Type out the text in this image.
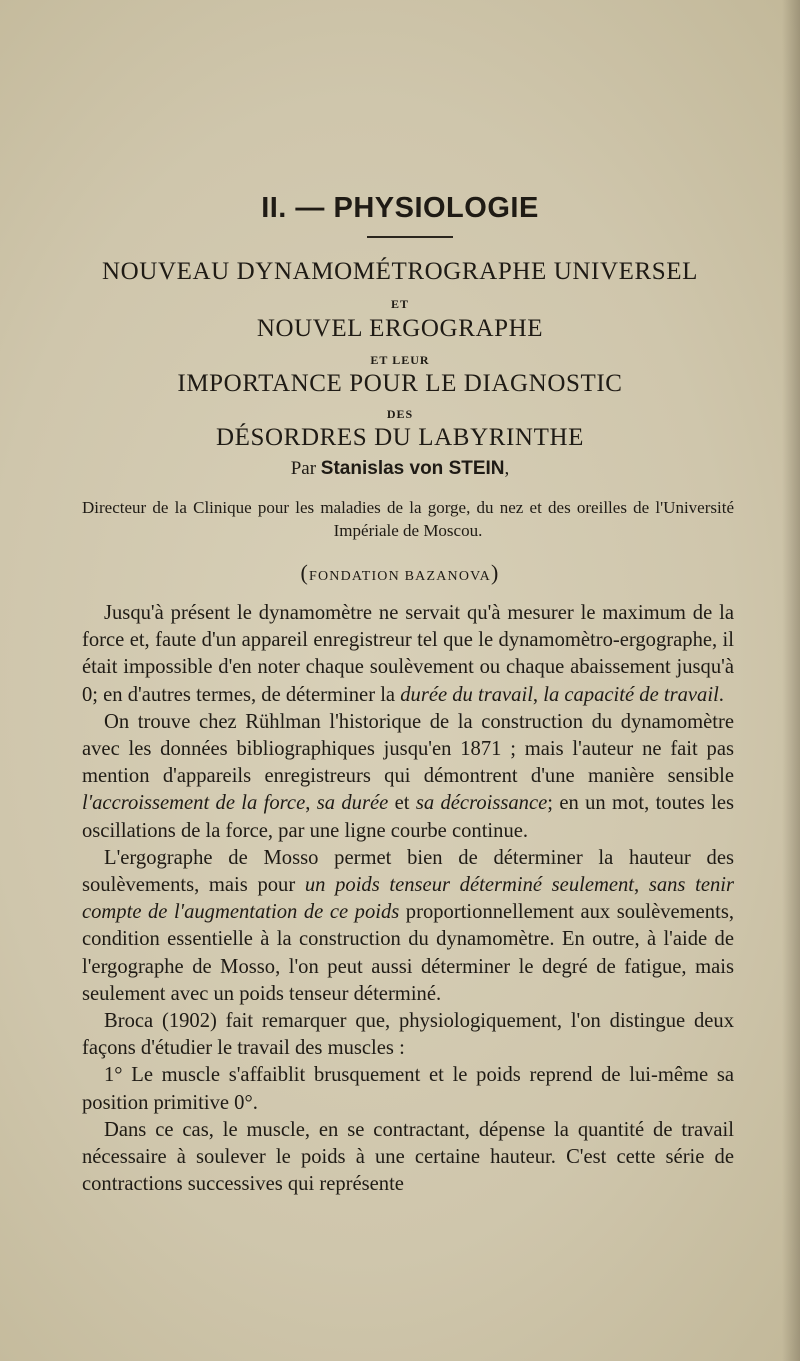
II. — PHYSIOLOGIE
NOUVEAU DYNAMOMÉTROGRAPHE UNIVERSEL
ET
NOUVEL ERGOGRAPHE
ET LEUR
IMPORTANCE POUR LE DIAGNOSTIC
DES
DÉSORDRES DU LABYRINTHE
Par Stanislas von STEIN,
Directeur de la Clinique pour les maladies de la gorge, du nez et des oreilles de l'Université Impériale de Moscou.
(FONDATION BAZANOVA)

Jusqu'à présent le dynamomètre ne servait qu'à mesurer le maximum de la force et, faute d'un appareil enregistreur tel que le dynamomètro-ergographe, il était impossible d'en noter chaque soulèvement ou chaque abaissement jusqu'à 0; en d'autres termes, de déterminer la durée du travail, la capacité de travail.

On trouve chez Rühlman l'historique de la construction du dynamomètre avec les données bibliographiques jusqu'en 1871 ; mais l'auteur ne fait pas mention d'appareils enregistreurs qui démontrent d'une manière sensible l'accroissement de la force, sa durée et sa décroissance; en un mot, toutes les oscillations de la force, par une ligne courbe continue.

L'ergographe de Mosso permet bien de déterminer la hauteur des soulèvements, mais pour un poids tenseur déterminé seulement, sans tenir compte de l'augmentation de ce poids proportionnellement aux soulèvements, condition essentielle à la construction du dynamomètre. En outre, à l'aide de l'ergographe de Mosso, l'on peut aussi déterminer le degré de fatigue, mais seulement avec un poids tenseur déterminé.

Broca (1902) fait remarquer que, physiologiquement, l'on distingue deux façons d'étudier le travail des muscles :

1° Le muscle s'affaiblit brusquement et le poids reprend de lui-même sa position primitive 0°.

Dans ce cas, le muscle, en se contractant, dépense la quantité de travail nécessaire à soulever le poids à une certaine hauteur. C'est cette série de contractions successives qui représente
